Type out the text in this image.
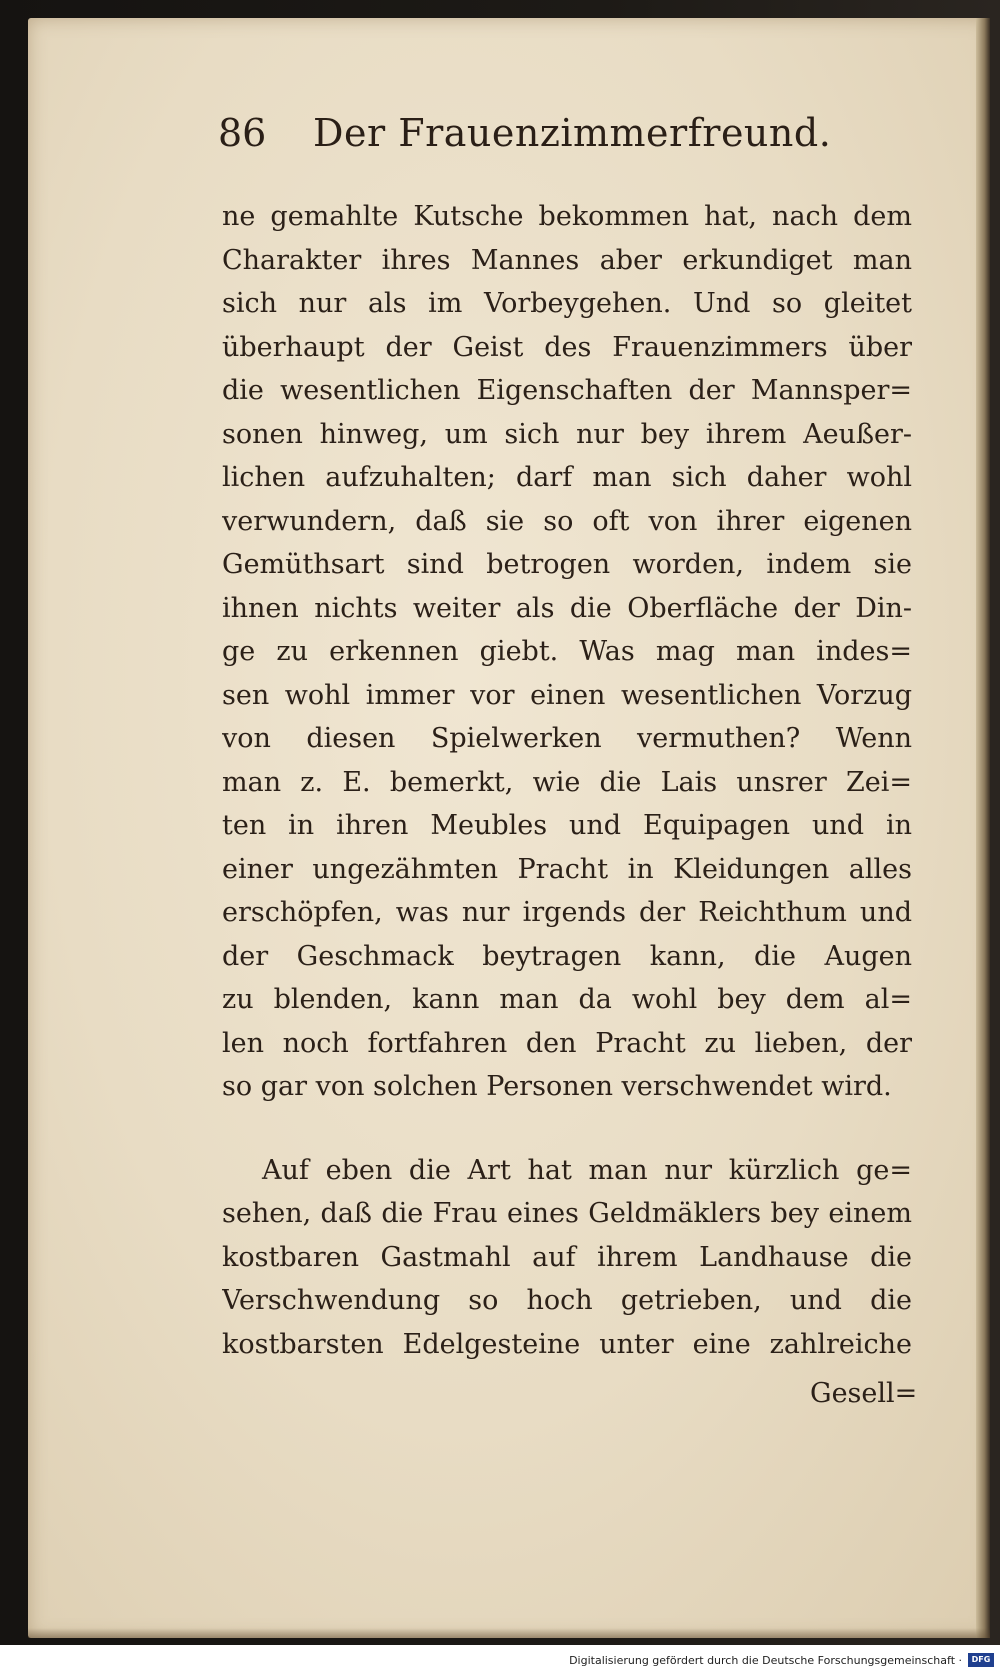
86 Der Frauenzimmerfreund.
ne gemahlte Kutsche bekommen hat, nach dem
Charakter ihres Mannes aber erkundiget man
sich nur als im Vorbeygehen. Und so gleitet
überhaupt der Geist des Frauenzimmers über
die wesentlichen Eigenschaften der Mannsper=
sonen hinweg, um sich nur bey ihrem Aeußer-
lichen aufzuhalten; darf man sich daher wohl
verwundern, daß sie so oft von ihrer eigenen
Gemüthsart sind betrogen worden, indem sie
ihnen nichts weiter als die Oberfläche der Din-
ge zu erkennen giebt. Was mag man indes=
sen wohl immer vor einen wesentlichen Vorzug
von diesen Spielwerken vermuthen? Wenn
man z. E. bemerkt, wie die Lais unsrer Zei=
ten in ihren Meubles und Equipagen und in
einer ungezähmten Pracht in Kleidungen alles
erschöpfen, was nur irgends der Reichthum und
der Geschmack beytragen kann, die Augen
zu blenden, kann man da wohl bey dem al=
len noch fortfahren den Pracht zu lieben, der
so gar von solchen Personen verschwendet wird.
Auf eben die Art hat man nur kürzlich ge=
sehen, daß die Frau eines Geldmäklers bey einem
kostbaren Gastmahl auf ihrem Landhause die
Verschwendung so hoch getrieben, und die
kostbarsten Edelgesteine unter eine zahlreiche
Gesell=
Digitalisierung gefördert durch die Deutsche Forschungsgemeinschaft ·	DFG
